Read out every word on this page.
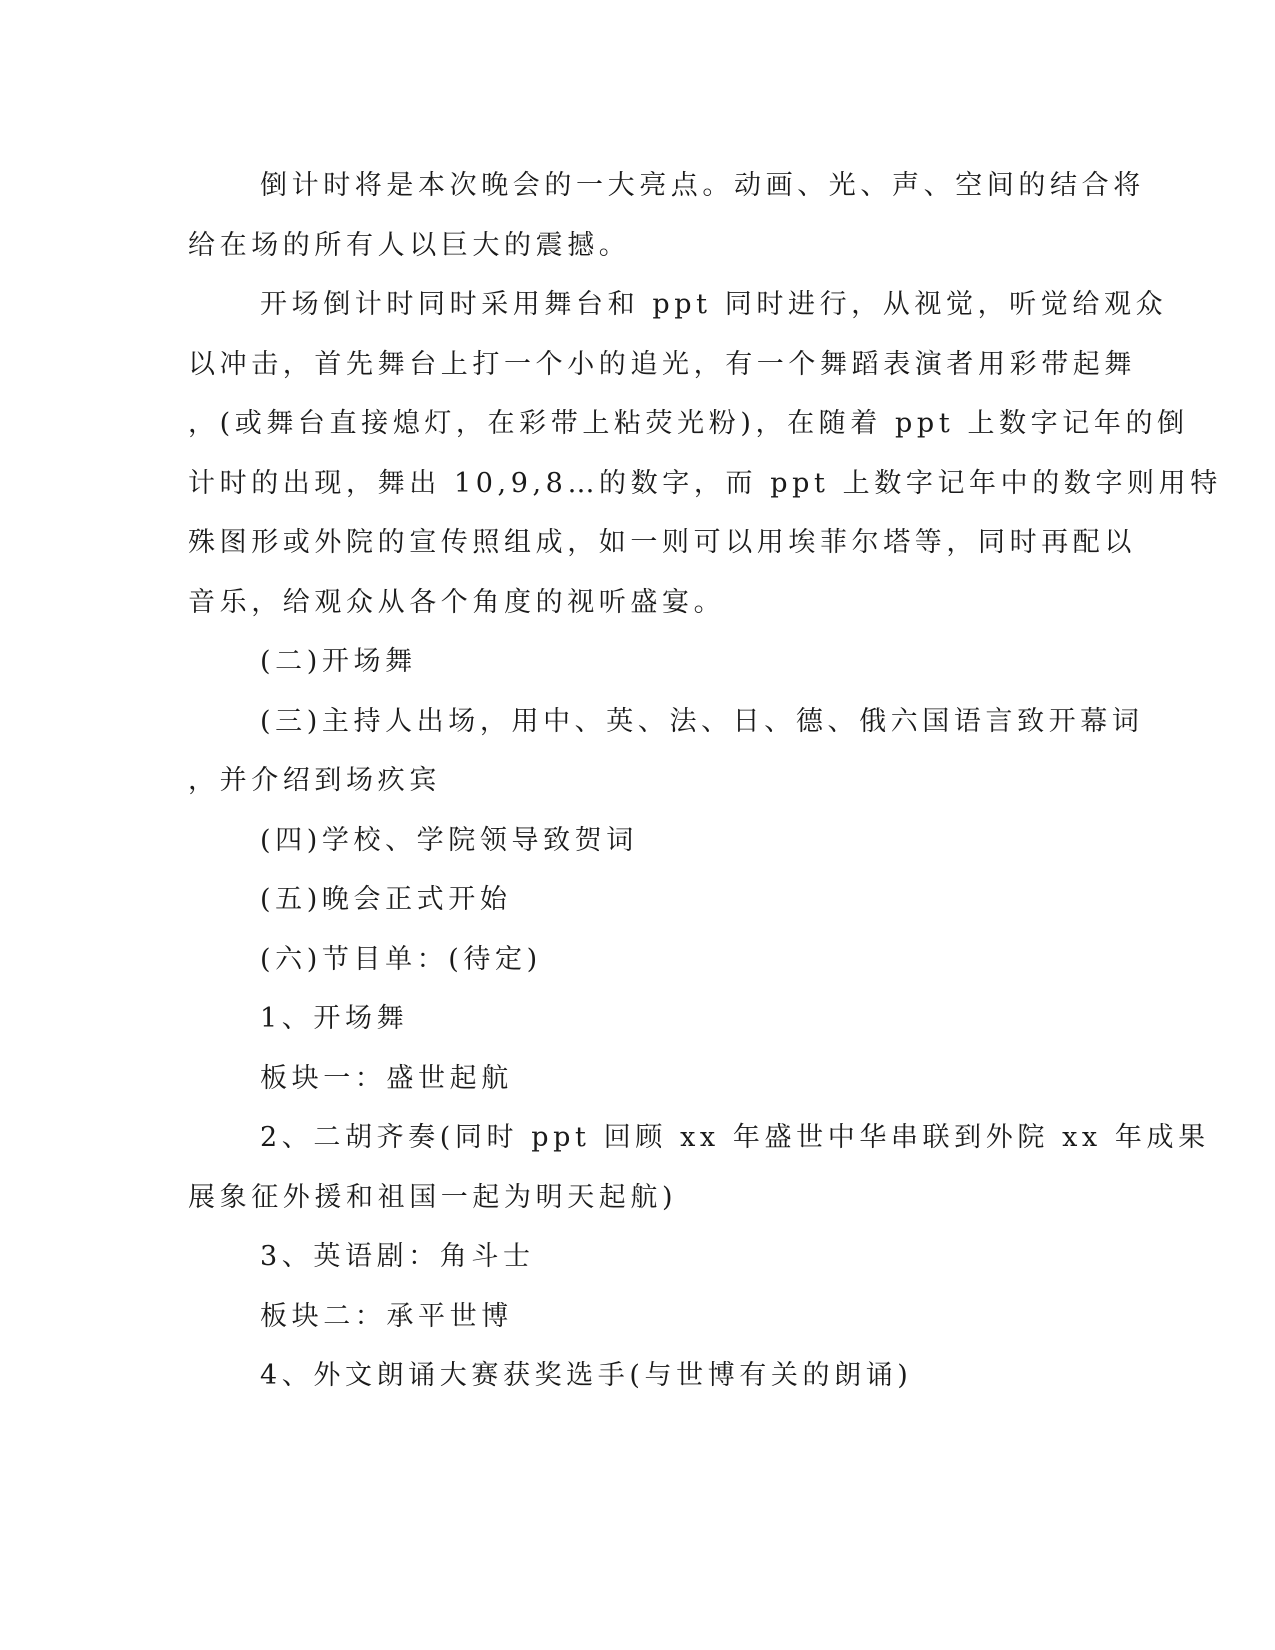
倒计时将是本次晚会的一大亮点。动画、光、声、空间的结合将
给在场的所有人以巨大的震撼。
开场倒计时同时采用舞台和 ppt 同时进行，从视觉，听觉给观众
以冲击，首先舞台上打一个小的追光，有一个舞蹈表演者用彩带起舞
，(或舞台直接熄灯，在彩带上粘荧光粉)，在随着 ppt 上数字记年的倒
计时的出现，舞出 10,9,8…的数字，而 ppt 上数字记年中的数字则用特
殊图形或外院的宣传照组成，如一则可以用埃菲尔塔等，同时再配以
音乐，给观众从各个角度的视听盛宴。
(二)开场舞
(三)主持人出场，用中、英、法、日、德、俄六国语言致开幕词
，并介绍到场疚宾
(四)学校、学院领导致贺词
(五)晚会正式开始
(六)节目单：(待定)
1、开场舞
板块一：盛世起航
2、二胡齐奏(同时 ppt 回顾 xx 年盛世中华串联到外院 xx 年成果
展象征外援和祖国一起为明天起航)
3、英语剧：角斗士
板块二：承平世博
4、外文朗诵大赛获奖选手(与世博有关的朗诵)
